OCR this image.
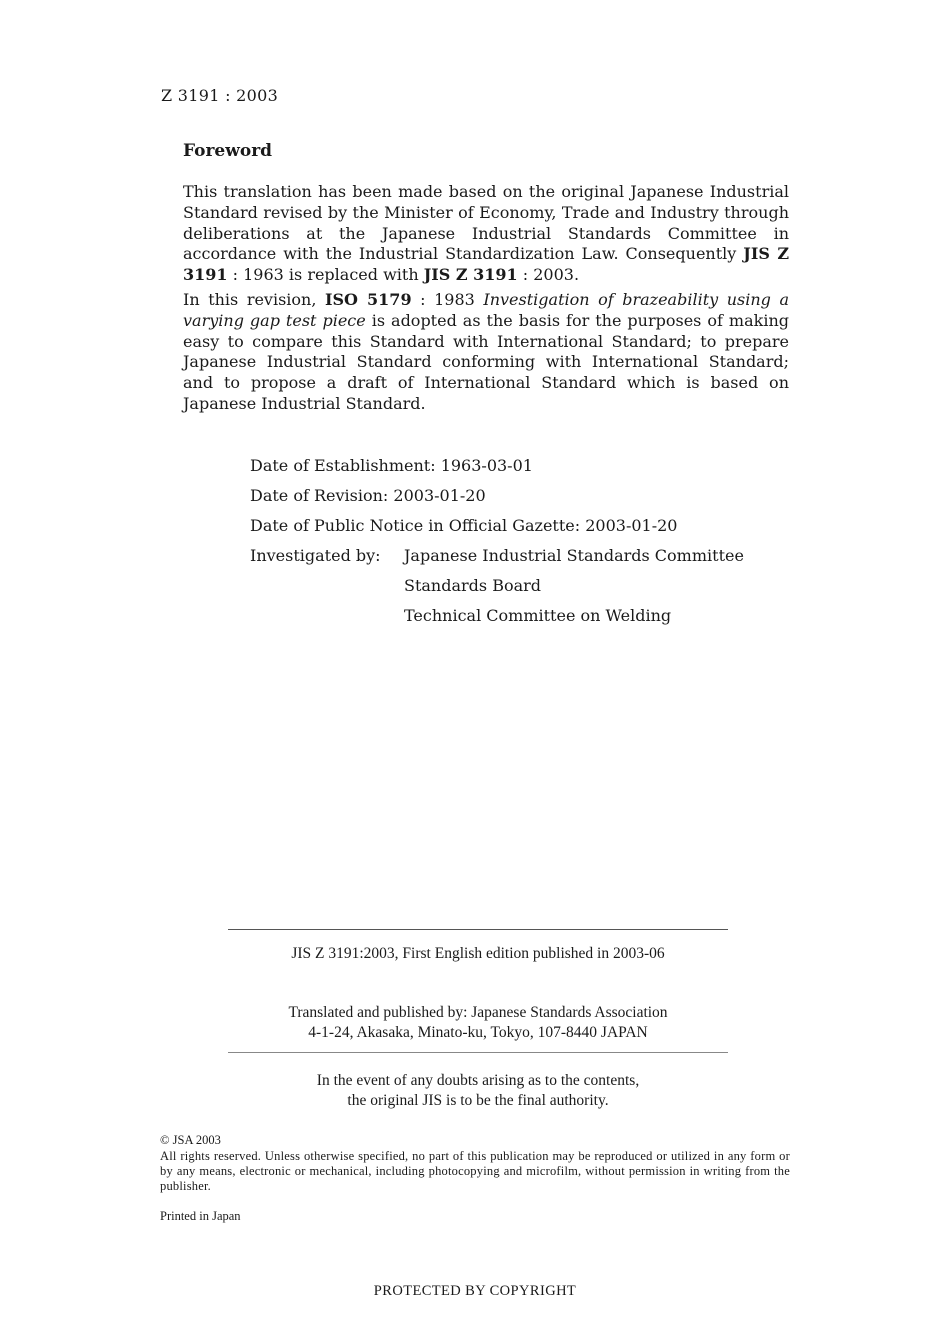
Z 3191 : 2003
Foreword
This translation has been made based on the original Japanese Industrial Standard revised by the Minister of Economy, Trade and Industry through deliberations at the Japanese Industrial Standards Committee in accordance with the Industrial Standardization Law. Consequently JIS Z 3191 : 1963 is replaced with JIS Z 3191 : 2003.
In this revision, ISO 5179 : 1983 Investigation of brazeability using a varying gap test piece is adopted as the basis for the purposes of making easy to compare this Standard with International Standard; to prepare Japanese Industrial Standard conforming with International Standard; and to propose a draft of International Standard which is based on Japanese Industrial Standard.
Date of Establishment: 1963-03-01
Date of Revision: 2003-01-20
Date of Public Notice in Official Gazette: 2003-01-20
Investigated by: Japanese Industrial Standards Committee
Standards Board
Technical Committee on Welding
JIS Z 3191:2003, First English edition published in 2003-06
Translated and published by: Japanese Standards Association
4-1-24, Akasaka, Minato-ku, Tokyo, 107-8440 JAPAN
In the event of any doubts arising as to the contents,
the original JIS is to be the final authority.
© JSA 2003
All rights reserved. Unless otherwise specified, no part of this publication may be reproduced or utilized in any form or by any means, electronic or mechanical, including photocopying and microfilm, without permission in writing from the publisher.
Printed in Japan
PROTECTED BY COPYRIGHT
